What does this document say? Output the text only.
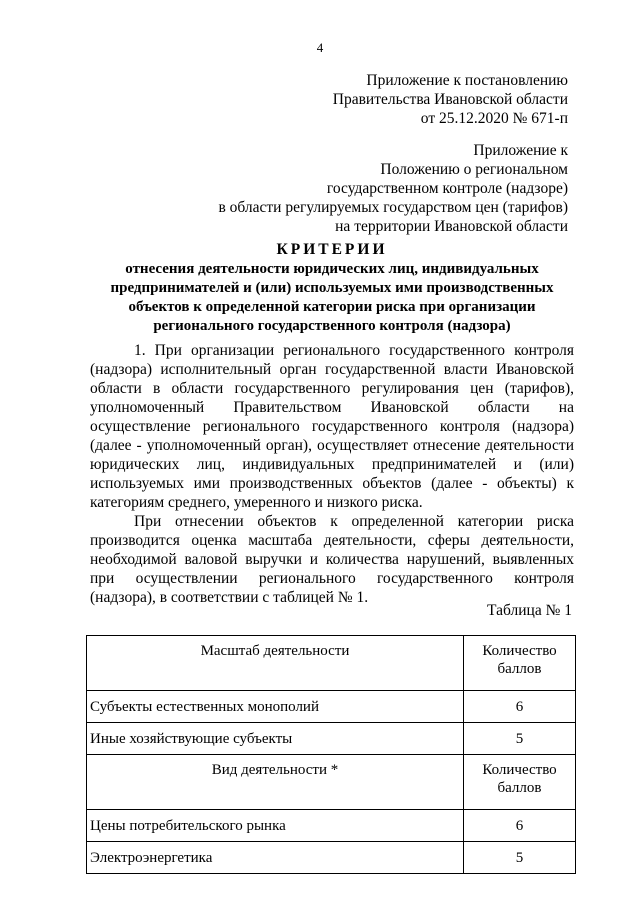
4
Приложение к постановлению
Правительства Ивановской области
от 25.12.2020 № 671-п
Приложение к
Положению о региональном
государственном контроле (надзоре)
в области регулируемых государством цен (тарифов)
на территории Ивановской области
КРИТЕРИИ
отнесения деятельности юридических лиц, индивидуальных
предпринимателей и (или) используемых ими производственных
объектов к определенной категории риска при организации
регионального государственного контроля (надзора)

1. При организации регионального государственного контроля (надзора) исполнительный орган государственной власти Ивановской области в области государственного регулирования цен (тарифов), уполномоченный Правительством Ивановской области на осуществление регионального государственного контроля (надзора) (далее - уполномоченный орган), осуществляет отнесение деятельности юридических лиц, индивидуальных предпринимателей и (или) используемых ими производственных объектов (далее - объекты) к категориям среднего, умеренного и низкого риска.

При отнесении объектов к определенной категории риска производится оценка масштаба деятельности, сферы деятельности, необходимой валовой выручки и количества нарушений, выявленных при осуществлении регионального государственного контроля (надзора), в соответствии с таблицей № 1.

Таблица № 1
Масштаб деятельности	Количество баллов
Субъекты естественных монополий	6
Иные хозяйствующие субъекты	5
Вид деятельности *	Количество баллов
Цены потребительского рынка	6
Электроэнергетика	5
